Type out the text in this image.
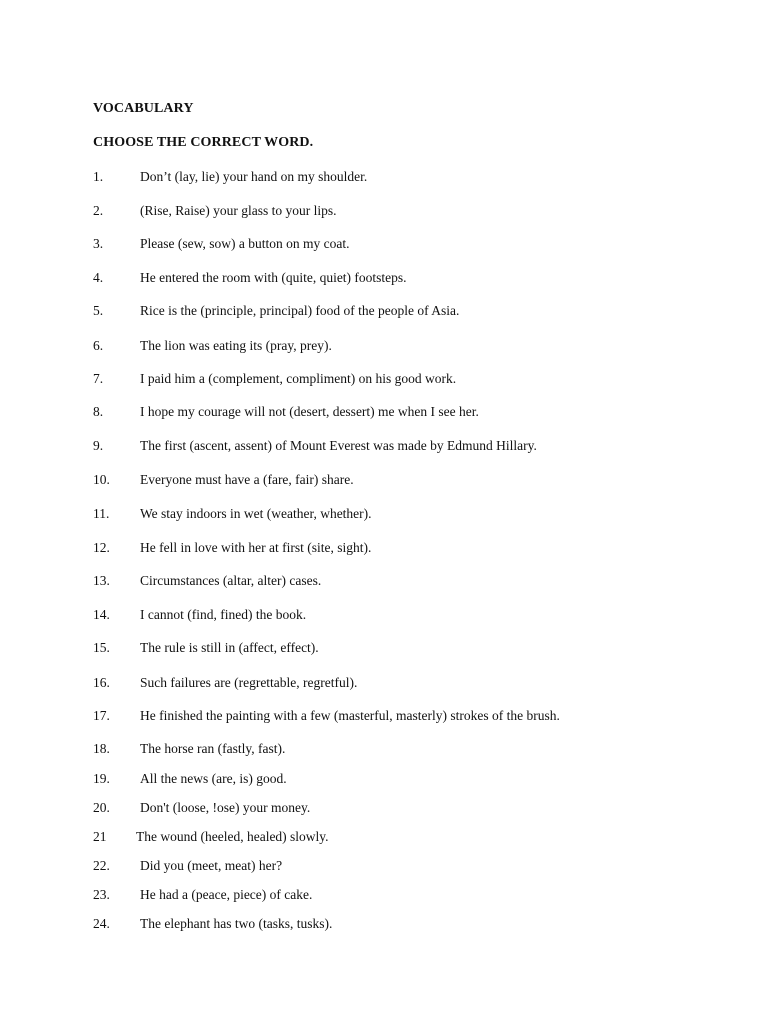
VOCABULARY
CHOOSE THE CORRECT WORD.
1.	Don’t (lay, lie) your hand on my shoulder.
2.	(Rise, Raise) your glass to your lips.
3.	Please (sew, sow) a button on my coat.
4.	He entered the room with (quite, quiet) footsteps.
5.	Rice is the (principle, principal) food of the people of Asia.
6.	The lion was eating its (pray, prey).
7.	I paid him a (complement, compliment) on his good work.
8.	I hope my courage will not (desert, dessert) me when I see her.
9.	The first (ascent, assent) of Mount Everest was made by Edmund Hillary.
10. Everyone must have a (fare, fair) share.
11. We stay indoors in wet (weather, whether).
12. He fell in love with her at first (site, sight).
13. Circumstances (altar, alter) cases.
14. I cannot (find, fined) the book.
15. The rule is still in (affect, effect).
16. Such failures are (regrettable, regretful).
17. He finished the painting with a few (masterful, masterly) strokes of the brush.
18. The horse ran (fastly, fast).
19. All the news (are, is) good.
20. Don't (loose, !ose) your money.
21 The wound (heeled, healed) slowly.
22. Did you (meet, meat) her?
23. He had a (peace, piece) of cake.
24. The elephant has two (tasks, tusks).
